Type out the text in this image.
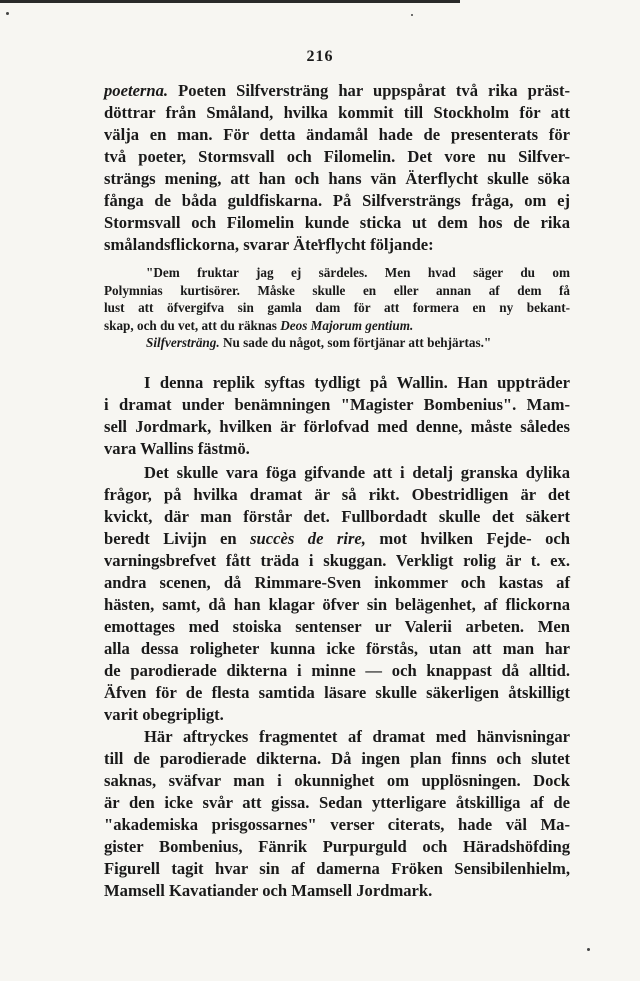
216

poeterna. Poeten Silfversträng har uppspårat två rika präst-
döttrar från Småland, hvilka kommit till Stockholm för att
välja en man. För detta ändamål hade de presenterats för
två poeter, Stormsvall och Filomelin. Det vore nu Silfver-
strängs mening, att han och hans vän Äterflycht skulle söka
fånga de båda guldfiskarna. På Silfversträngs fråga, om ej
Stormsvall och Filomelin kunde sticka ut dem hos de rika
smålandsflickorna, svarar Äterflycht följande:

"Dem fruktar jag ej särdeles. Men hvad säger du om
Polymnias kurtisörer. Måske skulle en eller annan af dem få
lust att öfvergifva sin gamla dam för att formera en ny bekant-
skap, och du vet, att du räknas Deos Majorum gentium.
Silfversträng. Nu sade du något, som förtjänar att behjärtas."

I denna replik syftas tydligt på Wallin. Han uppträder
i dramat under benämningen "Magister Bombenius". Mam-
sell Jordmark, hvilken är förlofvad med denne, måste således
vara Wallins fästmö.

Det skulle vara föga gifvande att i detalj granska dylika
frågor, på hvilka dramat är så rikt. Obestridligen är det
kvickt, där man förstår det. Fullbordadt skulle det säkert
beredt Livijn en succès de rire, mot hvilken Fejde- och
varningsbrefvet fått träda i skuggan. Verkligt rolig är t. ex.
andra scenen, då Rimmare-Sven inkommer och kastas af
hästen, samt, då han klagar öfver sin belägenhet, af flickorna
emottages med stoiska sentenser ur Valerii arbeten. Men
alla dessa roligheter kunna icke förstås, utan att man har
de parodierade dikterna i minne — och knappast då alltid.
Äfven för de flesta samtida läsare skulle säkerligen åtskilligt
varit obegripligt.

Här aftryckes fragmentet af dramat med hänvisningar
till de parodierade dikterna. Då ingen plan finns och slutet
saknas, sväfvar man i okunnighet om upplösningen. Dock
är den icke svår att gissa. Sedan ytterligare åtskilliga af de
"akademiska prisgossarnes" verser citerats, hade väl Ma-
gister Bombenius, Fänrik Purpurguld och Häradshöfding
Figurell tagit hvar sin af damerna Fröken Sensibilenhielm,
Mamsell Kavatiander och Mamsell Jordmark.
